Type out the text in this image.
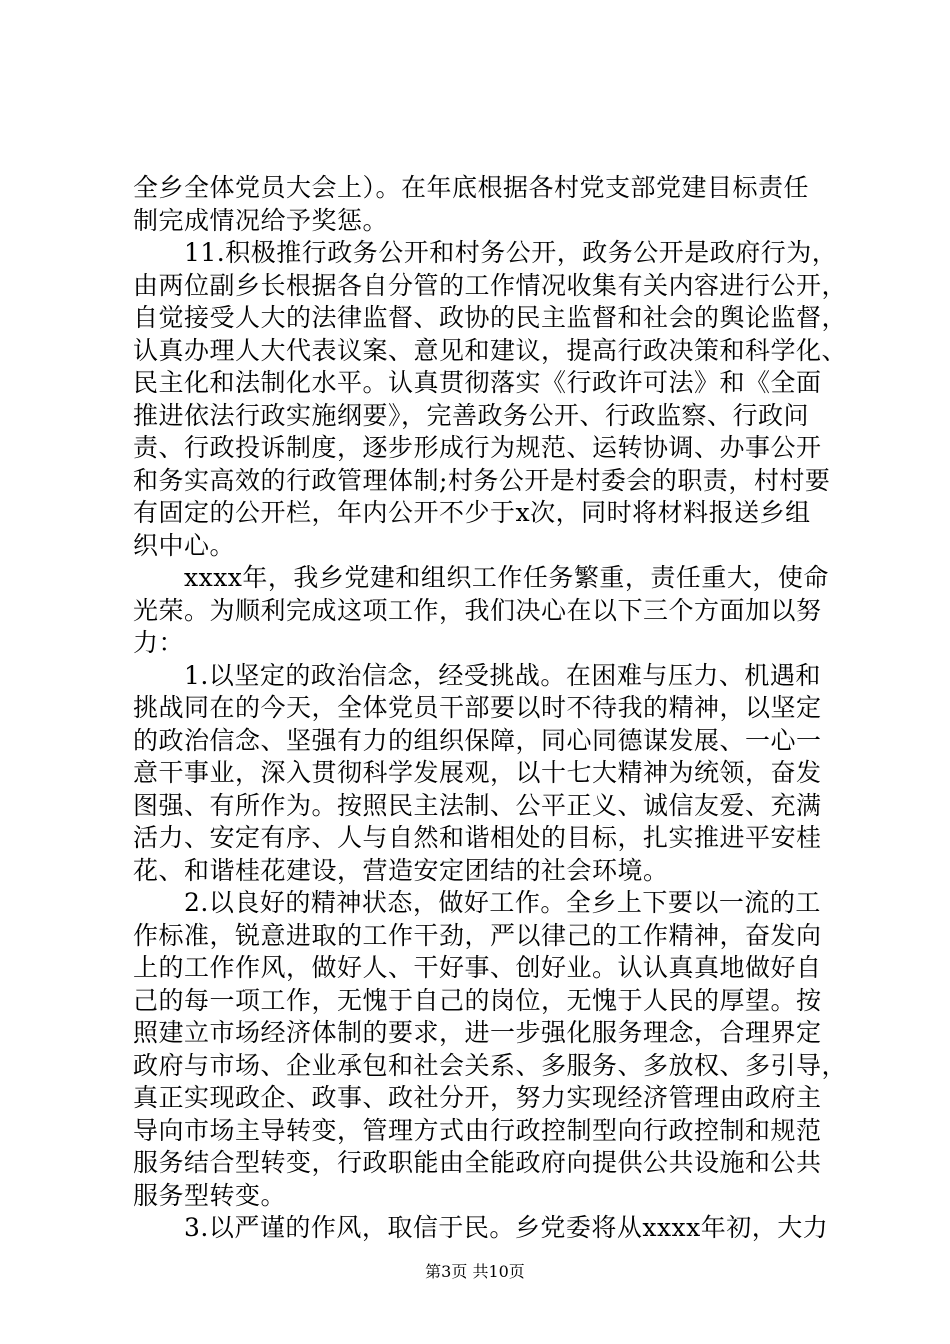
全乡全体党员大会上）。在年底根据各村党支部党建目标责任
制完成情况给予奖惩。
　　11.积极推行政务公开和村务公开，政务公开是政府行为，
由两位副乡长根据各自分管的工作情况收集有关内容进行公开，
自觉接受人大的法律监督、政协的民主监督和社会的舆论监督，
认真办理人大代表议案、意见和建议，提高行政决策和科学化、
民主化和法制化水平。认真贯彻落实《行政许可法》和《全面
推进依法行政实施纲要》，完善政务公开、行政监察、行政问
责、行政投诉制度，逐步形成行为规范、运转协调、办事公开
和务实高效的行政管理体制;村务公开是村委会的职责，村村要
有固定的公开栏，年内公开不少于x次，同时将材料报送乡组
织中心。
　　xxxx年，我乡党建和组织工作任务繁重，责任重大，使命
光荣。为顺利完成这项工作，我们决心在以下三个方面加以努
力：
　　1.以坚定的政治信念，经受挑战。在困难与压力、机遇和
挑战同在的今天，全体党员干部要以时不待我的精神，以坚定
的政治信念、坚强有力的组织保障，同心同德谋发展、一心一
意干事业，深入贯彻科学发展观，以十七大精神为统领，奋发
图强、有所作为。按照民主法制、公平正义、诚信友爱、充满
活力、安定有序、人与自然和谐相处的目标，扎实推进平安桂
花、和谐桂花建设，营造安定团结的社会环境。
　　2.以良好的精神状态，做好工作。全乡上下要以一流的工
作标准，锐意进取的工作干劲，严以律己的工作精神，奋发向
上的工作作风，做好人、干好事、创好业。认认真真地做好自
己的每一项工作，无愧于自己的岗位，无愧于人民的厚望。按
照建立市场经济体制的要求，进一步强化服务理念，合理界定
政府与市场、企业承包和社会关系、多服务、多放权、多引导，
真正实现政企、政事、政社分开，努力实现经济管理由政府主
导向市场主导转变，管理方式由行政控制型向行政控制和规范
服务结合型转变，行政职能由全能政府向提供公共设施和公共
服务型转变。
　　3.以严谨的作风，取信于民。乡党委将从xxxx年初，大力
第3页 共10页
